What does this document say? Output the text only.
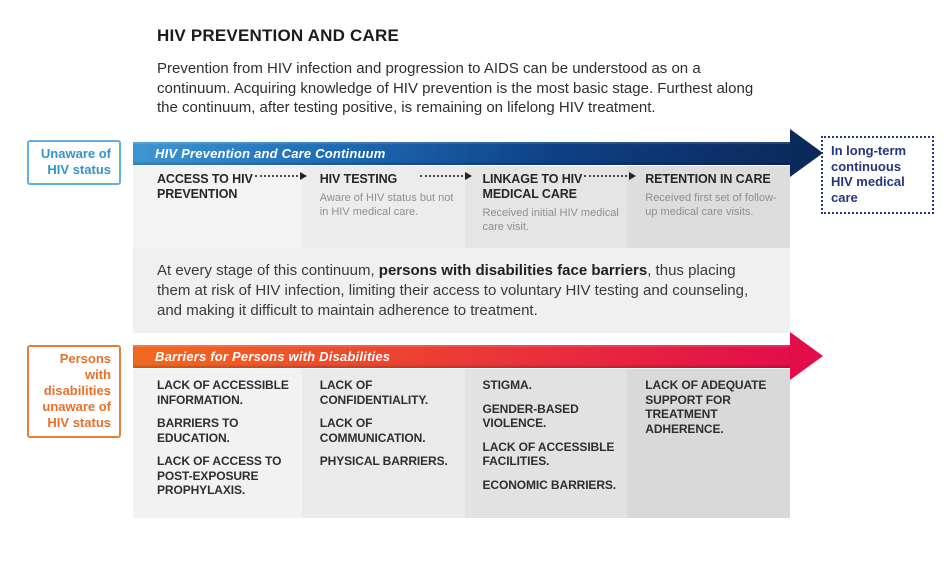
HIV PREVENTION AND CARE
Prevention from HIV infection and progression to AIDS can be understood as on a continuum. Acquiring knowledge of HIV prevention is the most basic stage. Furthest along the continuum, after testing positive, is remaining on lifelong HIV treatment.
Unaware of HIV status
HIV Prevention and Care Continuum	In long-term continuous HIV medical care
ACCESS TO HIV PREVENTION
HIV TESTING
Aware of HIV status but not in HIV medical care.
LINKAGE TO HIV MEDICAL CARE
Received initial HIV medical care visit.
RETENTION IN CARE
Received first set of follow-up medical care visits.
At every stage of this continuum, persons with disabilities face barriers, thus placing them at risk of HIV infection, limiting their access to voluntary HIV testing and counseling, and making it difficult to maintain adherence to treatment.
Persons with disabilities unaware of HIV status
Barriers for Persons with Disabilities
LACK OF ACCESSIBLE INFORMATION.
BARRIERS TO EDUCATION.
LACK OF ACCESS TO POST-EXPOSURE PROPHYLAXIS.
LACK OF CONFIDENTIALITY.
LACK OF COMMUNICATION.
PHYSICAL BARRIERS.
STIGMA.
GENDER-BASED VIOLENCE.
LACK OF ACCESSIBLE FACILITIES.
ECONOMIC BARRIERS.
LACK OF ADEQUATE SUPPORT FOR TREATMENT ADHERENCE.
